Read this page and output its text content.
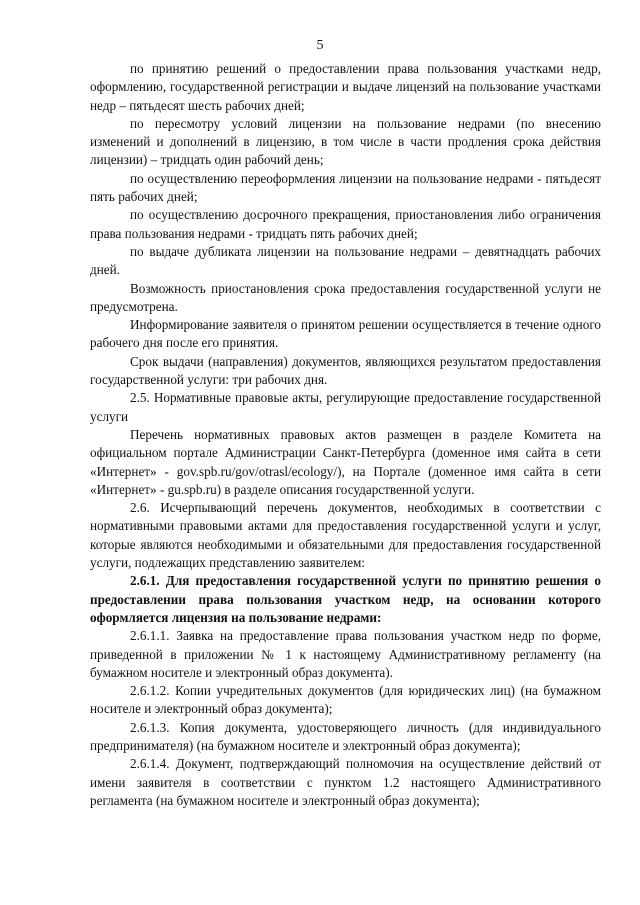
5

по принятию решений о предоставлении права пользования участками недр, оформлению, государственной регистрации и выдаче лицензий на пользование участками недр – пятьдесят шесть рабочих дней;

по пересмотру условий лицензии на пользование недрами (по внесению изменений и дополнений в лицензию, в том числе в части продления срока действия лицензии) – тридцать один рабочий день;

по осуществлению переоформления лицензии на пользование недрами - пятьдесят пять рабочих дней;

по осуществлению досрочного прекращения, приостановления либо ограничения права пользования недрами - тридцать пять рабочих дней;

по выдаче дубликата лицензии на пользование недрами – девятнадцать рабочих дней.

Возможность приостановления срока предоставления государственной услуги не предусмотрена.

Информирование заявителя о принятом решении осуществляется в течение одного рабочего дня после его принятия.

Срок выдачи (направления) документов, являющихся результатом предоставления государственной услуги: три рабочих дня.

2.5. Нормативные правовые акты, регулирующие предоставление государственной услуги

Перечень нормативных правовых актов размещен в разделе Комитета на официальном портале Администрации Санкт-Петербурга (доменное имя сайта в сети «Интернет» - gov.spb.ru/gov/otrasl/ecology/), на Портале (доменное имя сайта в сети «Интернет» - gu.spb.ru) в разделе описания государственной услуги.

2.6. Исчерпывающий перечень документов, необходимых в соответствии с нормативными правовыми актами для предоставления государственной услуги и услуг, которые являются необходимыми и обязательными для предоставления государственной услуги, подлежащих представлению заявителем:

2.6.1. Для предоставления государственной услуги по принятию решения о предоставлении права пользования участком недр, на основании которого оформляется лицензия на пользование недрами:

2.6.1.1. Заявка на предоставление права пользования участком недр по форме, приведенной в приложении № 1 к настоящему Административному регламенту (на бумажном носителе и электронный образ документа).

2.6.1.2. Копии учредительных документов (для юридических лиц) (на бумажном носителе и электронный образ документа);

2.6.1.3. Копия документа, удостоверяющего личность (для индивидуального предпринимателя) (на бумажном носителе и электронный образ документа);

2.6.1.4. Документ, подтверждающий полномочия на осуществление действий от имени заявителя в соответствии с пунктом 1.2 настоящего Административного регламента (на бумажном носителе и электронный образ документа);
